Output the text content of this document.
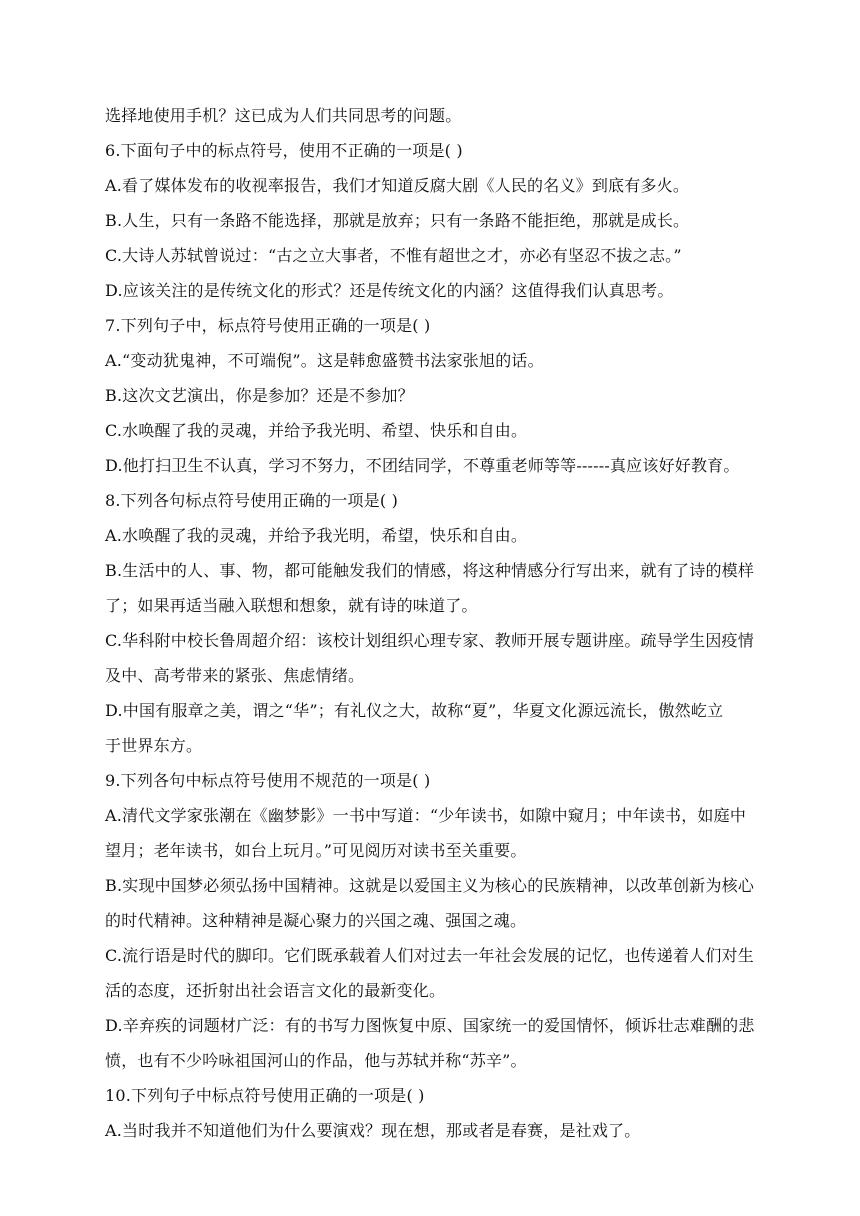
选择地使用手机？这已成为人们共同思考的问题。
6.下面句子中的标点符号，使用不正确的一项是( )
A.看了媒体发布的收视率报告，我们才知道反腐大剧《人民的名义》到底有多火。
B.人生，只有一条路不能选择，那就是放弃；只有一条路不能拒绝，那就是成长。
C.大诗人苏轼曾说过：“古之立大事者，不惟有超世之才，亦必有坚忍不拔之志。”
D.应该关注的是传统文化的形式？还是传统文化的内涵？这值得我们认真思考。
7.下列句子中，标点符号使用正确的一项是( )
A.“变动犹鬼神，不可端倪”。这是韩愈盛赞书法家张旭的话。
B.这次文艺演出，你是参加？还是不参加？
C.水唤醒了我的灵魂，并给予我光明、希望、快乐和自由。
D.他打扫卫生不认真，学习不努力，不团结同学，不尊重老师等等------真应该好好教育。
8.下列各句标点符号使用正确的一项是( )
A.水唤醒了我的灵魂，并给予我光明，希望，快乐和自由。
B.生活中的人、事、物，都可能触发我们的情感，将这种情感分行写出来，就有了诗的模样
了；如果再适当融入联想和想象，就有诗的味道了。
C.华科附中校长鲁周超介绍：该校计划组织心理专家、教师开展专题讲座。疏导学生因疫情
及中、高考带来的紧张、焦虑情绪。
D.中国有服章之美，谓之“华”；有礼仪之大，故称“夏”，华夏文化源远流长，傲然屹立
于世界东方。
9.下列各句中标点符号使用不规范的一项是( )
A.清代文学家张潮在《幽梦影》一书中写道：“少年读书，如隙中窥月；中年读书，如庭中
望月；老年读书，如台上玩月。”可见阅历对读书至关重要。
B.实现中国梦必须弘扬中国精神。这就是以爱国主义为核心的民族精神，以改革创新为核心
的时代精神。这种精神是凝心聚力的兴国之魂、强国之魂。
C.流行语是时代的脚印。它们既承载着人们对过去一年社会发展的记忆，也传递着人们对生
活的态度，还折射出社会语言文化的最新变化。
D.辛弃疾的词题材广泛：有的书写力图恢复中原、国家统一的爱国情怀，倾诉壮志难酬的悲
愤，也有不少吟咏祖国河山的作品，他与苏轼并称“苏辛”。
10.下列句子中标点符号使用正确的一项是( )
A.当时我并不知道他们为什么要演戏？现在想，那或者是春赛，是社戏了。
